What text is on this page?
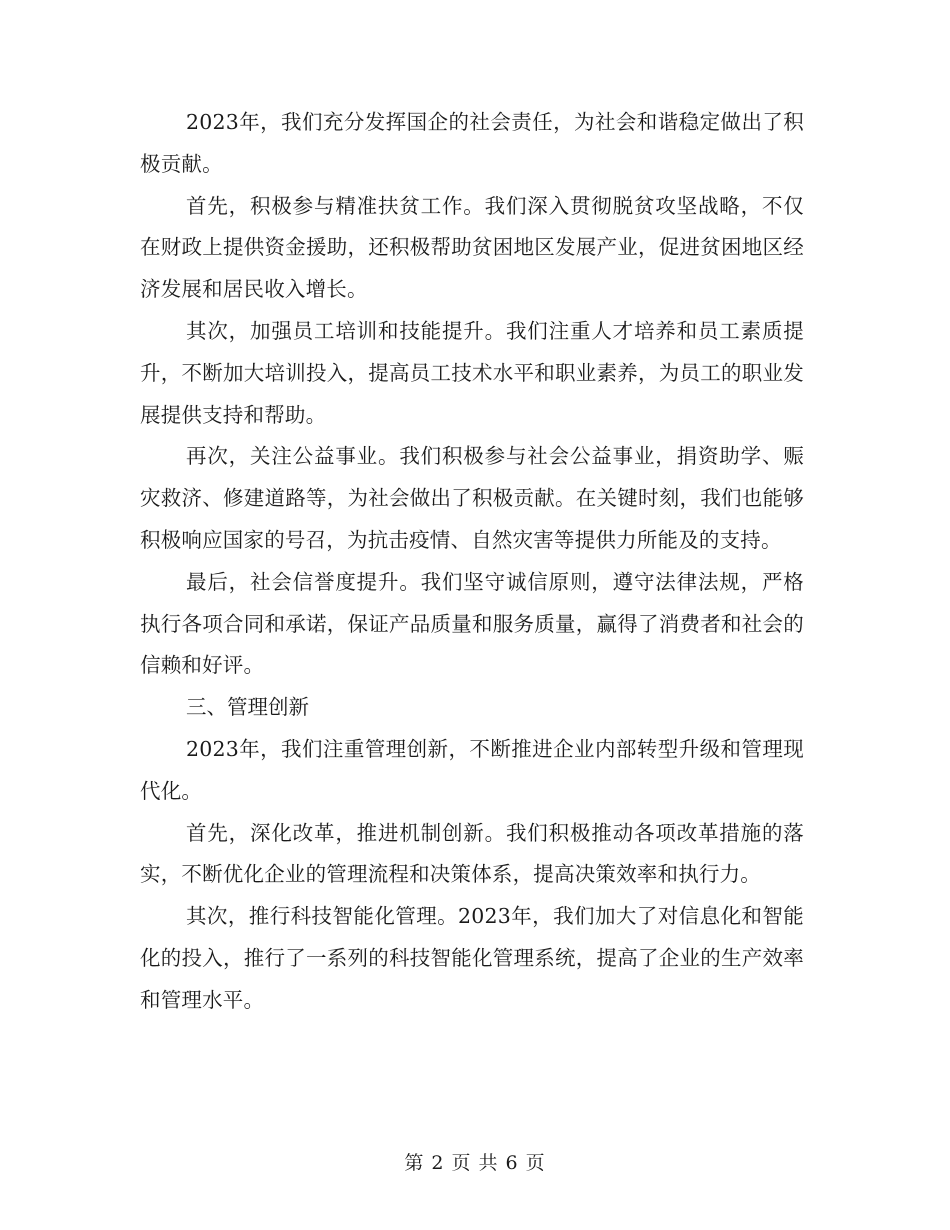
2023年，我们充分发挥国企的社会责任，为社会和谐稳定做出了积极贡献。

首先，积极参与精准扶贫工作。我们深入贯彻脱贫攻坚战略，不仅在财政上提供资金援助，还积极帮助贫困地区发展产业，促进贫困地区经济发展和居民收入增长。

其次，加强员工培训和技能提升。我们注重人才培养和员工素质提升，不断加大培训投入，提高员工技术水平和职业素养，为员工的职业发展提供支持和帮助。

再次，关注公益事业。我们积极参与社会公益事业，捐资助学、赈灾救济、修建道路等，为社会做出了积极贡献。在关键时刻，我们也能够积极响应国家的号召，为抗击疫情、自然灾害等提供力所能及的支持。

最后，社会信誉度提升。我们坚守诚信原则，遵守法律法规，严格执行各项合同和承诺，保证产品质量和服务质量，赢得了消费者和社会的信赖和好评。

三、管理创新

2023年，我们注重管理创新，不断推进企业内部转型升级和管理现代化。

首先，深化改革，推进机制创新。我们积极推动各项改革措施的落实，不断优化企业的管理流程和决策体系，提高决策效率和执行力。

其次，推行科技智能化管理。2023年，我们加大了对信息化和智能化的投入，推行了一系列的科技智能化管理系统，提高了企业的生产效率和管理水平。

第 2 页 共 6 页
